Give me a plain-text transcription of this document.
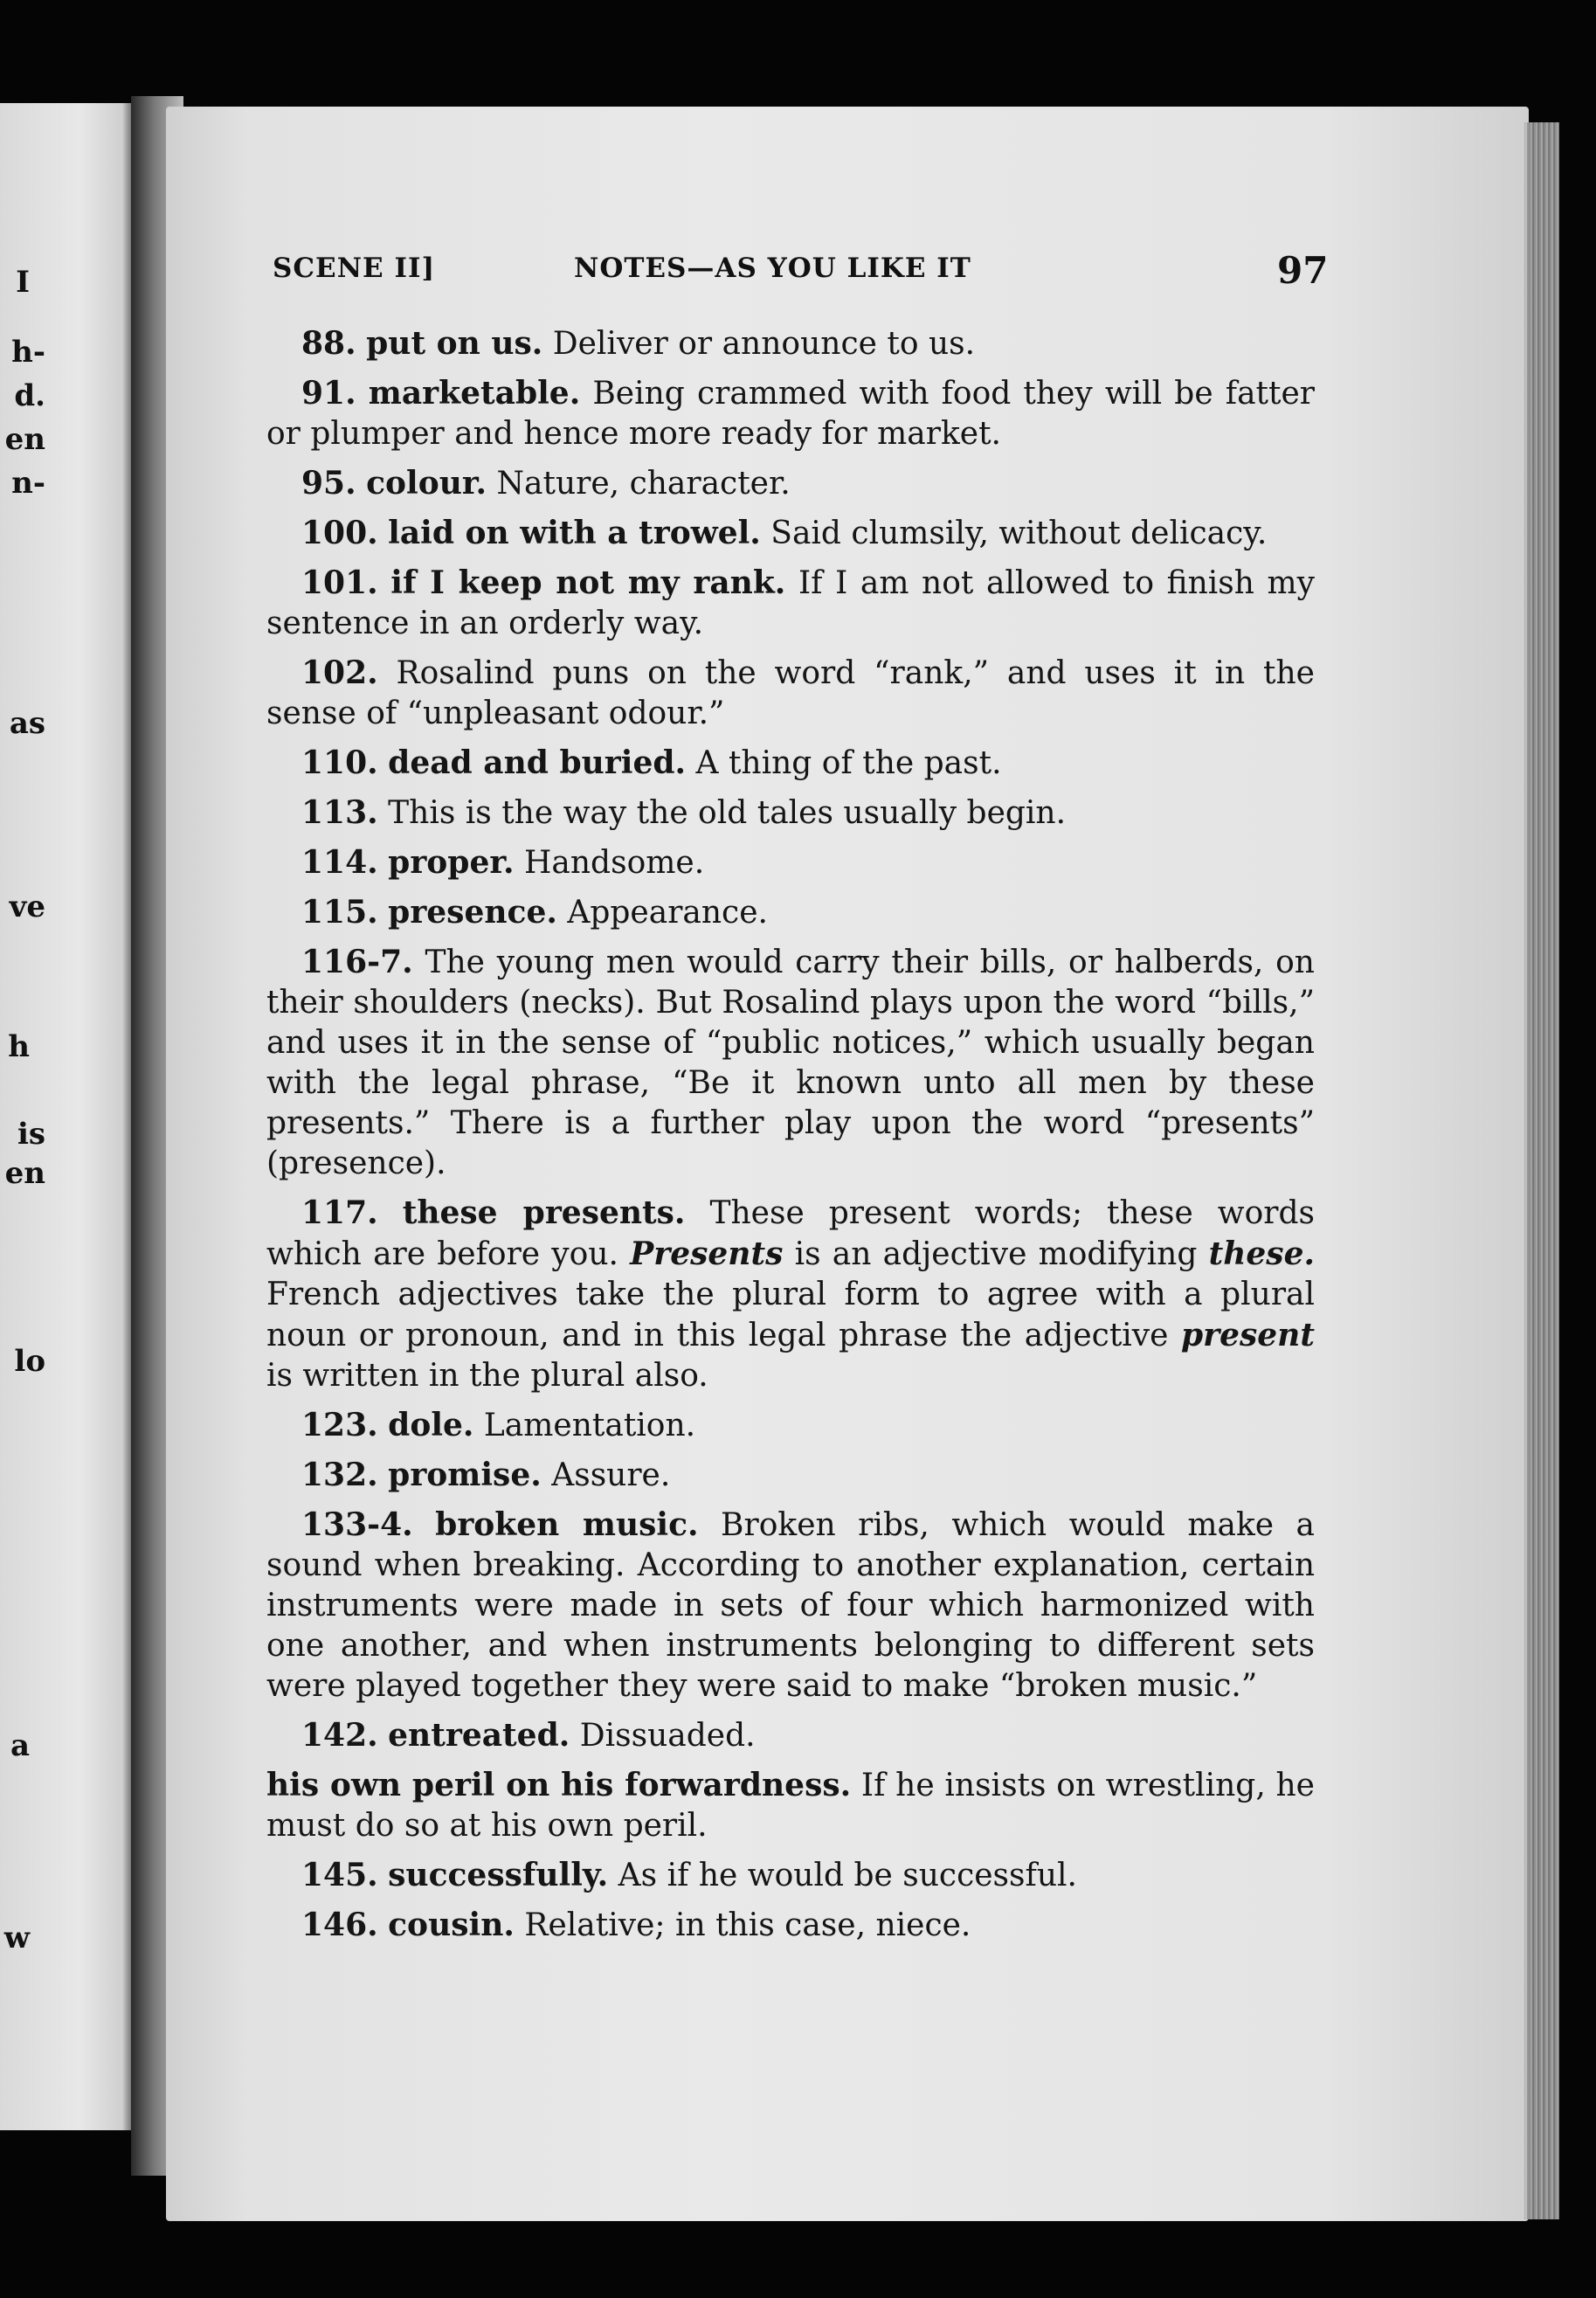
I
h-
d.
en
n-
as
ve
h
is
en
lo
a
w
SCENE II]	NOTES—AS YOU LIKE IT	97

88. put on us. Deliver or announce to us.

91. marketable. Being crammed with food they will be fatter or plumper and hence more ready for market.

95. colour. Nature, character.

100. laid on with a trowel. Said clumsily, without delicacy.

101. if I keep not my rank. If I am not allowed to finish my sentence in an orderly way.

102. Rosalind puns on the word “rank,” and uses it in the sense of “unpleasant odour.”

110. dead and buried. A thing of the past.

113. This is the way the old tales usually begin.

114. proper. Handsome.

115. presence. Appearance.

116-7. The young men would carry their bills, or halberds, on their shoulders (necks). But Rosalind plays upon the word “bills,” and uses it in the sense of “public notices,” which usually began with the legal phrase, “Be it known unto all men by these presents.” There is a further play upon the word “presents” (presence).

117. these presents. These present words; these words which are before you. Presents is an adjective modifying these. French adjectives take the plural form to agree with a plural noun or pronoun, and in this legal phrase the adjective present is written in the plural also.

123. dole. Lamentation.

132. promise. Assure.

133-4. broken music. Broken ribs, which would make a sound when breaking. According to another explanation, certain instruments were made in sets of four which harmonized with one another, and when instruments belonging to different sets were played together they were said to make “broken music.”

142. entreated. Dissuaded.

his own peril on his forwardness. If he insists on wrestling, he must do so at his own peril.

145. successfully. As if he would be successful.

146. cousin. Relative; in this case, niece.
